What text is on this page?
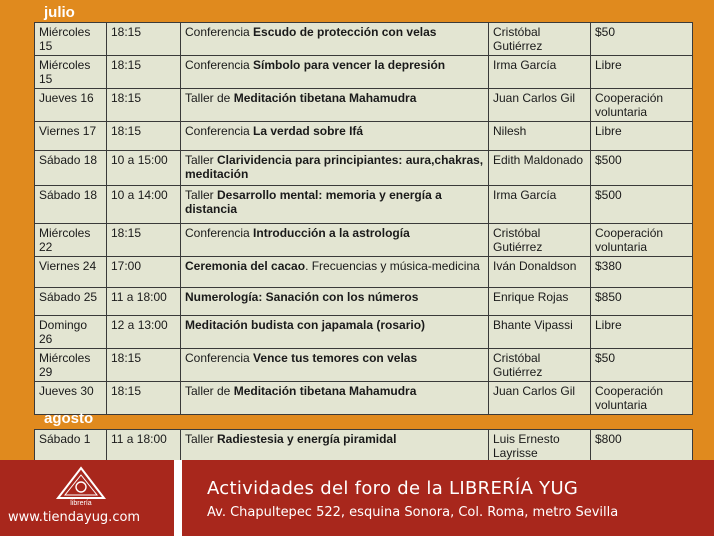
julio
Miércoles 15	18:15	Conferencia Escudo de protección con velas	Cristóbal Gutiérrez	$50
Miércoles 15	18:15	Conferencia Símbolo para vencer la depresión	Irma García	Libre
Jueves 16	18:15	Taller de Meditación tibetana Mahamudra	Juan Carlos Gil	Cooperación voluntaria
Viernes 17	18:15	Conferencia La verdad sobre Ifá	Nilesh	Libre
Sábado 18	10 a 15:00	Taller Clarividencia para principiantes: aura,chakras, meditación	Edith Maldonado	$500
Sábado 18	10 a 14:00	Taller Desarrollo mental: memoria y energía a distancia	Irma García	$500
Miércoles 22	18:15	Conferencia Introducción a la astrología	Cristóbal Gutiérrez	Cooperación voluntaria
Viernes 24	17:00	Ceremonia del cacao. Frecuencias y música-medicina	Iván Donaldson	$380
Sábado 25	11 a 18:00	Numerología: Sanación con los números	Enrique Rojas	$850
Domingo 26	12 a 13:00	Meditación budista con japamala (rosario)	Bhante Vipassi	Libre
Miércoles 29	18:15	Conferencia Vence tus temores con velas	Cristóbal Gutiérrez	$50
Jueves 30	18:15	Taller de Meditación tibetana Mahamudra	Juan Carlos Gil	Cooperación voluntaria
agosto
Sábado 1	11 a 18:00	Taller Radiestesia y energía piramidal	Luis Ernesto Layrisse	$800
librería
www.tiendayug.com
Actividades del foro de la LIBRERÍA YUG
Av. Chapultepec 522, esquina Sonora, Col. Roma, metro Sevilla
